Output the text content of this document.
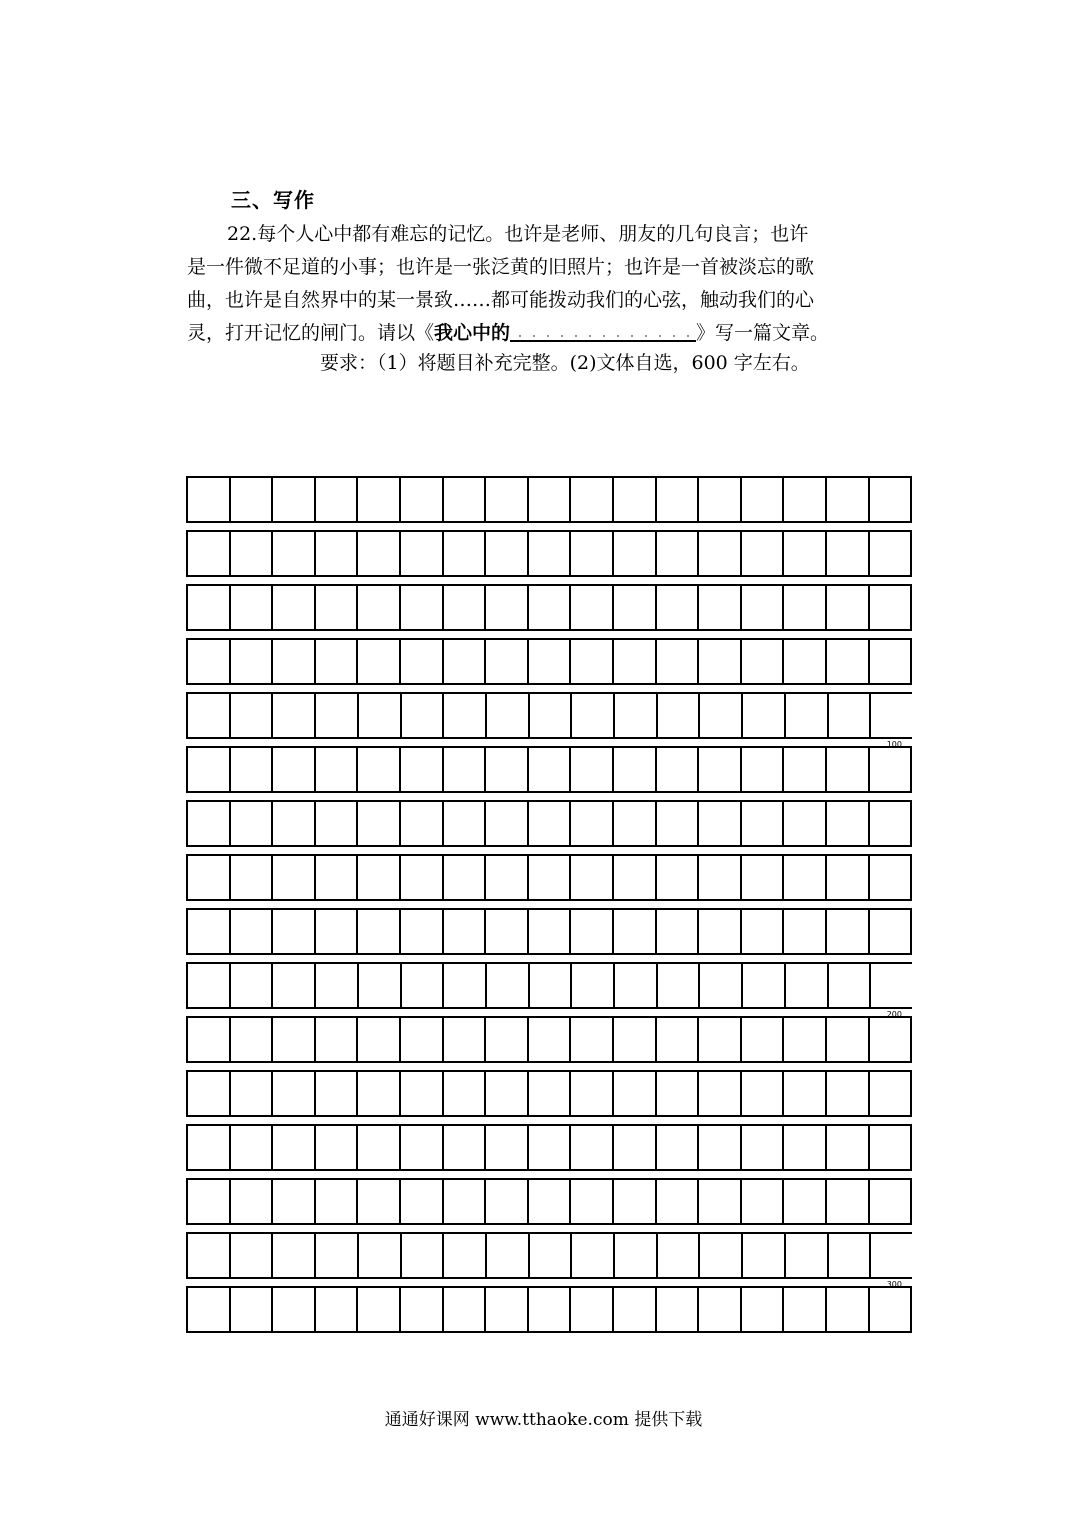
三、写作

22.每个人心中都有难忘的记忆。也许是老师、朋友的几句良言；也许

是一件微不足道的小事；也许是一张泛黄的旧照片；也许是一首被淡忘的歌

曲，也许是自然界中的某一景致……都可能拨动我们的心弦，触动我们的心

灵，打开记忆的闸门。请以《我心中的	》写一篇文章。

要求：（1）将题目补充完整。(2)文体自选，600 字左右。
100
200
300
通通好课网 www.tthaoke.com 提供下载
